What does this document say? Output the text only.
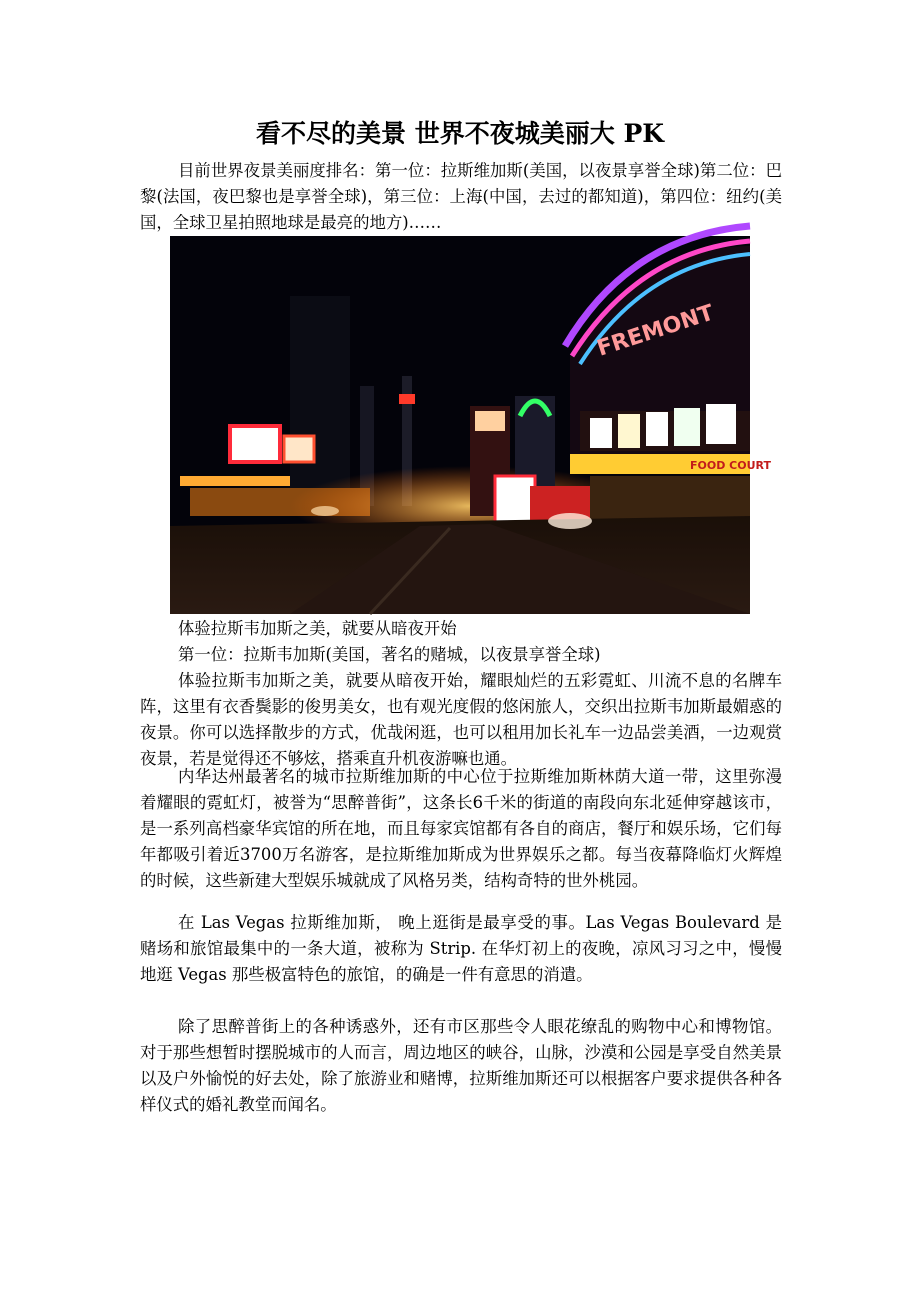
看不尽的美景 世界不夜城美丽大 PK

目前世界夜景美丽度排名：第一位：拉斯维加斯(美国，以夜景享誉全球)第二位：巴黎(法国，夜巴黎也是享誉全球)，第三位：上海(中国，去过的都知道)，第四位：纽约(美国，全球卫星拍照地球是最亮的地方)……

FREMONT
FOOD COURT
体验拉斯韦加斯之美，就要从暗夜开始
第一位：拉斯韦加斯(美国，著名的赌城，以夜景享誉全球)

体验拉斯韦加斯之美，就要从暗夜开始，耀眼灿烂的五彩霓虹、川流不息的名牌车阵，这里有衣香鬓影的俊男美女，也有观光度假的悠闲旅人，交织出拉斯韦加斯最媚惑的夜景。你可以选择散步的方式，优哉闲逛，也可以租用加长礼车一边品尝美酒，一边观赏夜景，若是觉得还不够炫，搭乘直升机夜游嘛也通。

内华达州最著名的城市拉斯维加斯的中心位于拉斯维加斯林荫大道一带，这里弥漫着耀眼的霓虹灯，被誉为“思醉普街”，这条长6千米的街道的南段向东北延伸穿越该市，是一系列高档豪华宾馆的所在地，而且每家宾馆都有各自的商店，餐厅和娱乐场，它们每年都吸引着近3700万名游客，是拉斯维加斯成为世界娱乐之都。每当夜幕降临灯火辉煌的时候，这些新建大型娱乐城就成了风格另类，结构奇特的世外桃园。

在 Las Vegas 拉斯维加斯， 晚上逛街是最享受的事。Las Vegas Boulevard 是赌场和旅馆最集中的一条大道，被称为 Strip. 在华灯初上的夜晚，凉风习习之中，慢慢地逛 Vegas 那些极富特色的旅馆，的确是一件有意思的消遣。

除了思醉普街上的各种诱惑外，还有市区那些令人眼花缭乱的购物中心和博物馆。对于那些想暂时摆脱城市的人而言，周边地区的峡谷，山脉，沙漠和公园是享受自然美景以及户外愉悦的好去处，除了旅游业和赌博，拉斯维加斯还可以根据客户要求提供各种各样仪式的婚礼教堂而闻名。
